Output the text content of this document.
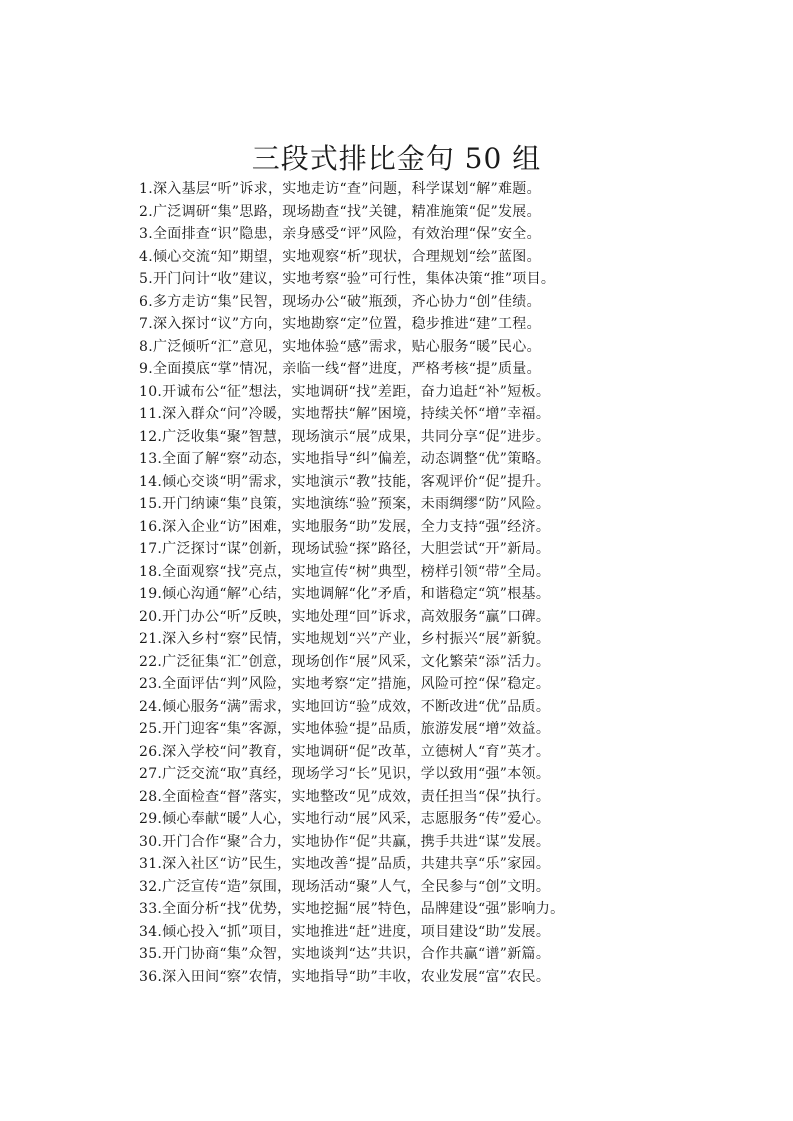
三段式排比金句 50 组
1.深入基层“听”诉求，实地走访“查”问题，科学谋划“解”难题。
2.广泛调研“集”思路，现场勘查“找”关键，精准施策“促”发展。
3.全面排查“识”隐患，亲身感受“评”风险，有效治理“保”安全。
4.倾心交流“知”期望，实地观察“析”现状，合理规划“绘”蓝图。
5.开门问计“收”建议，实地考察“验”可行性，集体决策“推”项目。
6.多方走访“集”民智，现场办公“破”瓶颈，齐心协力“创”佳绩。
7.深入探讨“议”方向，实地勘察“定”位置，稳步推进“建”工程。
8.广泛倾听“汇”意见，实地体验“感”需求，贴心服务“暖”民心。
9.全面摸底“掌”情况，亲临一线“督”进度，严格考核“提”质量。
10.开诚布公“征”想法，实地调研“找”差距，奋力追赶“补”短板。
11.深入群众“问”冷暖，实地帮扶“解”困境，持续关怀“增”幸福。
12.广泛收集“聚”智慧，现场演示“展”成果，共同分享“促”进步。
13.全面了解“察”动态，实地指导“纠”偏差，动态调整“优”策略。
14.倾心交谈“明”需求，实地演示“教”技能，客观评价“促”提升。
15.开门纳谏“集”良策，实地演练“验”预案，未雨绸缪“防”风险。
16.深入企业“访”困难，实地服务“助”发展，全力支持“强”经济。
17.广泛探讨“谋”创新，现场试验“探”路径，大胆尝试“开”新局。
18.全面观察“找”亮点，实地宣传“树”典型，榜样引领“带”全局。
19.倾心沟通“解”心结，实地调解“化”矛盾，和谐稳定“筑”根基。
20.开门办公“听”反映，实地处理“回”诉求，高效服务“赢”口碑。
21.深入乡村“察”民情，实地规划“兴”产业，乡村振兴“展”新貌。
22.广泛征集“汇”创意，现场创作“展”风采，文化繁荣“添”活力。
23.全面评估“判”风险，实地考察“定”措施，风险可控“保”稳定。
24.倾心服务“满”需求，实地回访“验”成效，不断改进“优”品质。
25.开门迎客“集”客源，实地体验“提”品质，旅游发展“增”效益。
26.深入学校“问”教育，实地调研“促”改革，立德树人“育”英才。
27.广泛交流“取”真经，现场学习“长”见识，学以致用“强”本领。
28.全面检查“督”落实，实地整改“见”成效，责任担当“保”执行。
29.倾心奉献“暖”人心，实地行动“展”风采，志愿服务“传”爱心。
30.开门合作“聚”合力，实地协作“促”共赢，携手共进“谋”发展。
31.深入社区“访”民生，实地改善“提”品质，共建共享“乐”家园。
32.广泛宣传“造”氛围，现场活动“聚”人气，全民参与“创”文明。
33.全面分析“找”优势，实地挖掘“展”特色，品牌建设“强”影响力。
34.倾心投入“抓”项目，实地推进“赶”进度，项目建设“助”发展。
35.开门协商“集”众智，实地谈判“达”共识，合作共赢“谱”新篇。
36.深入田间“察”农情，实地指导“助”丰收，农业发展“富”农民。
